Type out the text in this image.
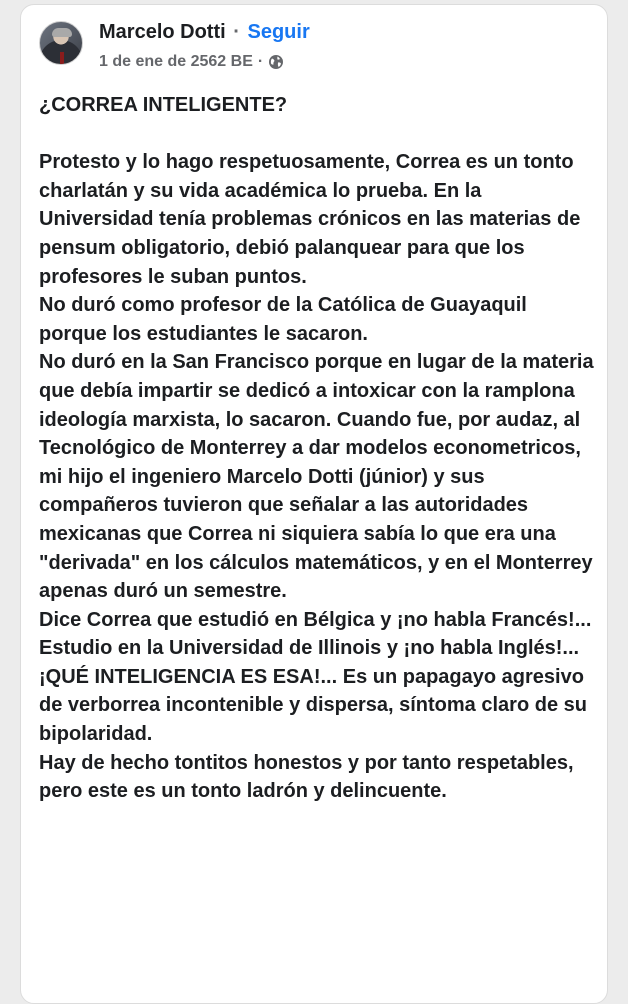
Marcelo Dotti · Seguir
1 de ene de 2562 BE ·

¿CORREA INTELIGENTE?

Protesto y lo hago respetuosamente, Correa es un tonto charlatán y su vida académica lo prueba. En la Universidad tenía problemas crónicos en las materias de pensum obligatorio, debió palanquear para que los profesores le suban puntos.

No duró como profesor de la Católica de Guayaquil porque los estudiantes le sacaron.

No duró en la San Francisco porque en lugar de la materia que debía impartir se dedicó a intoxicar con la ramplona ideología marxista, lo sacaron. Cuando fue, por audaz, al Tecnológico de Monterrey a dar modelos econometricos, mi hijo el ingeniero Marcelo Dotti (júnior) y sus compañeros tuvieron que señalar a las autoridades mexicanas que Correa ni siquiera sabía lo que era una "derivada" en los cálculos matemáticos, y en el Monterrey apenas duró un semestre.

Dice Correa que estudió en Bélgica y ¡no habla Francés!... Estudio en la Universidad de Illinois y ¡no habla Inglés!... ¡QUÉ INTELIGENCIA ES ESA!... Es un papagayo agresivo de verborrea incontenible y dispersa, síntoma claro de su bipolaridad.

Hay de hecho tontitos honestos y por tanto respetables, pero este es un tonto ladrón y delincuente.
